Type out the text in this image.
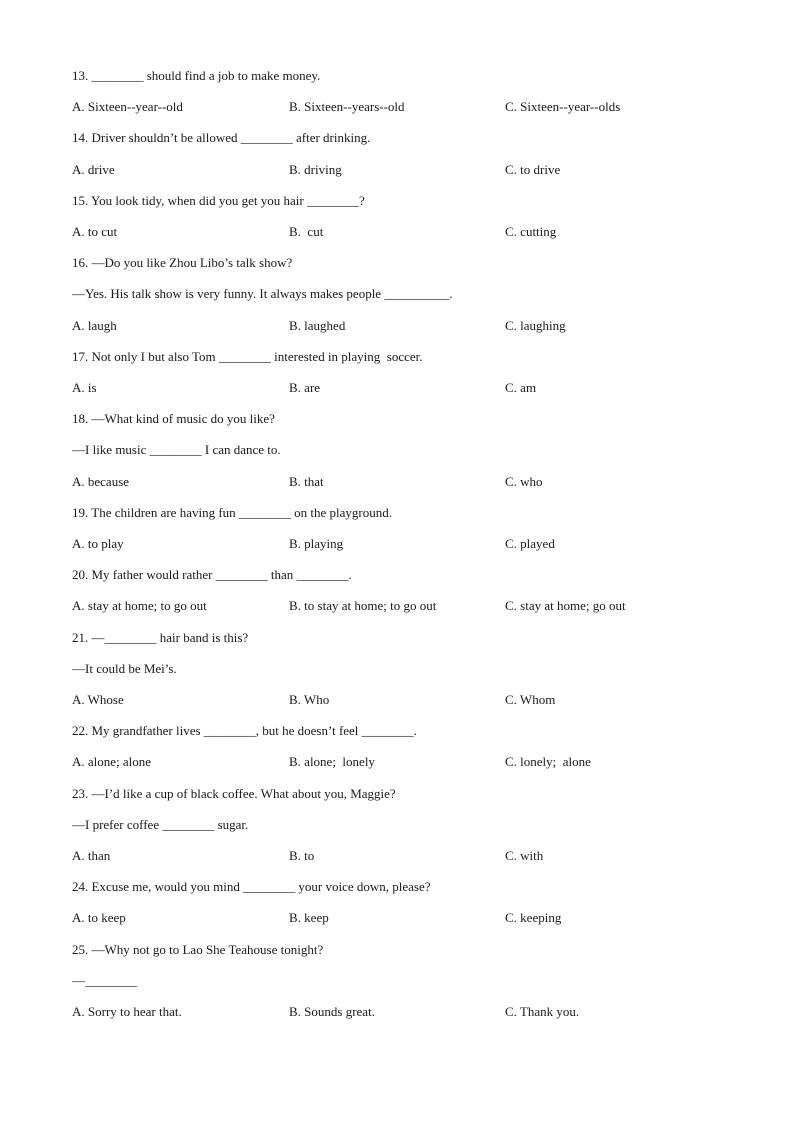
13. ________ should find a job to make money.
A. Sixteen--year--old	B. Sixteen--years--old	C. Sixteen--year--olds
14. Driver shouldn’t be allowed ________ after drinking.
A. drive	B. driving	C. to drive
15. You look tidy, when did you get you hair ________?
A. to cut	B.  cut	C. cutting
16. —Do you like Zhou Libo’s talk show?
—Yes. His talk show is very funny. It always makes people __________.
A. laugh	B. laughed	C. laughing
17. Not only I but also Tom ________ interested in playing  soccer.
A. is	B. are	C. am
18. —What kind of music do you like?
—I like music ________ I can dance to.
A. because	B. that	C. who
19. The children are having fun ________ on the playground.
A. to play	B. playing	C. played
20. My father would rather ________ than ________.
A. stay at home; to go out	B. to stay at home; to go out	C. stay at home; go out
21. —________ hair band is this?
—It could be Mei’s.
A. Whose	B. Who	C. Whom
22. My grandfather lives ________, but he doesn’t feel ________.
A. alone; alone	B. alone;  lonely	C. lonely;  alone
23. —I’d like a cup of black coffee. What about you, Maggie?
—I prefer coffee ________ sugar.
A. than	B. to	C. with
24. Excuse me, would you mind ________ your voice down, please?
A. to keep	B. keep	C. keeping
25. —Why not go to Lao She Teahouse tonight?
—________
A. Sorry to hear that.	B. Sounds great.	C. Thank you.
